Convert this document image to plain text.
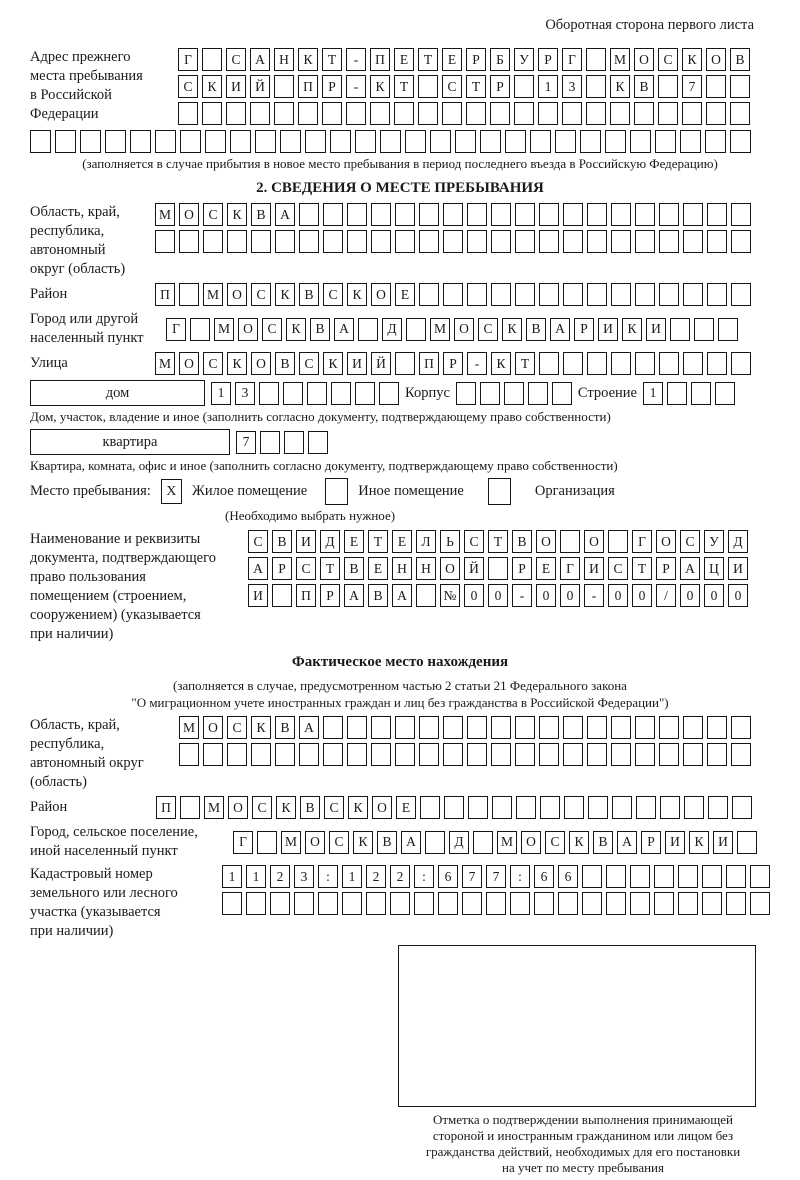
Оборотная сторона первого листа
Адрес прежнего
места пребывания
в Российской
Федерации
Г	С	А	Н	К	Т	-	П	Е	Т	Е	Р	Б	У	Р	Г	М О	С	К	О	В
С	К	И	Й	П	Р	-	К	Т	С	Т	Р	1	3	К	В	7
(заполняется в случае прибытия в новое место пребывания в период последнего въезда в Российскую Федерацию)
2. СВЕДЕНИЯ О МЕСТЕ ПРЕБЫВАНИЯ
Область, край,
республика,
автономный
округ (область)
М О	С	К	В	А
Район	П	М О	С	К	В	С	К	О	Е
Город или другой
населенный пункт
Г	М О	С	К	В	А	Д	М О	С	К	В	А	Р	И	К	И
Улица	М О	С	К	О	В	С	К	И	Й	П	Р	-	К	Т
дом	1	3	Корпус	Строение 1
Дом, участок, владение и иное (заполнить согласно документу, подтверждающему право собственности)
квартира	7
Квартира, комната, офис и иное (заполнить согласно документу, подтверждающему право собственности)
Место пребывания:	X	Жилое помещение	Иное помещение	Организация
(Необходимо выбрать нужное)
Наименование и реквизиты
документа, подтверждающего
право пользования
помещением (строением,
сооружением) (указывается
при наличии)
С	В	И	Д	Е	Т	Е	Л	Ь	С	Т	В	О	О	Г	О	С	У	Д
А	Р	С	Т	В	Е	Н	Н	О	Й	Р	Е	Г	И	С	Т	Р	А	Ц	И
И	П	Р	А	В	А	№	0	0	-	0	0	-	0	0	/	0	0	0
Фактическое место нахождения
(заполняется в случае, предусмотренном частью 2 статьи 21 Федерального закона
"О миграционном учете иностранных граждан и лиц без гражданства в Российской Федерации")
Область, край,
республика,
автономный округ
(область)
М О	С	К	В	А
Район	П	М О	С	К	В	С	К	О	Е
Город, сельское поселение,
иной населенный пункт
Г	М О	С	К	В	А	Д	М О	С	К	В	А	Р	И	К	И
Кадастровый номер
земельного или лесного
участка (указывается
при наличии)
1	1	2	3	:	1	2	2	:	6	7	7	:	6	6
Отметка о подтверждении выполнения принимающей
стороной и иностранным гражданином или лицом без
гражданства действий, необходимых для его постановки
на учет по месту пребывания
